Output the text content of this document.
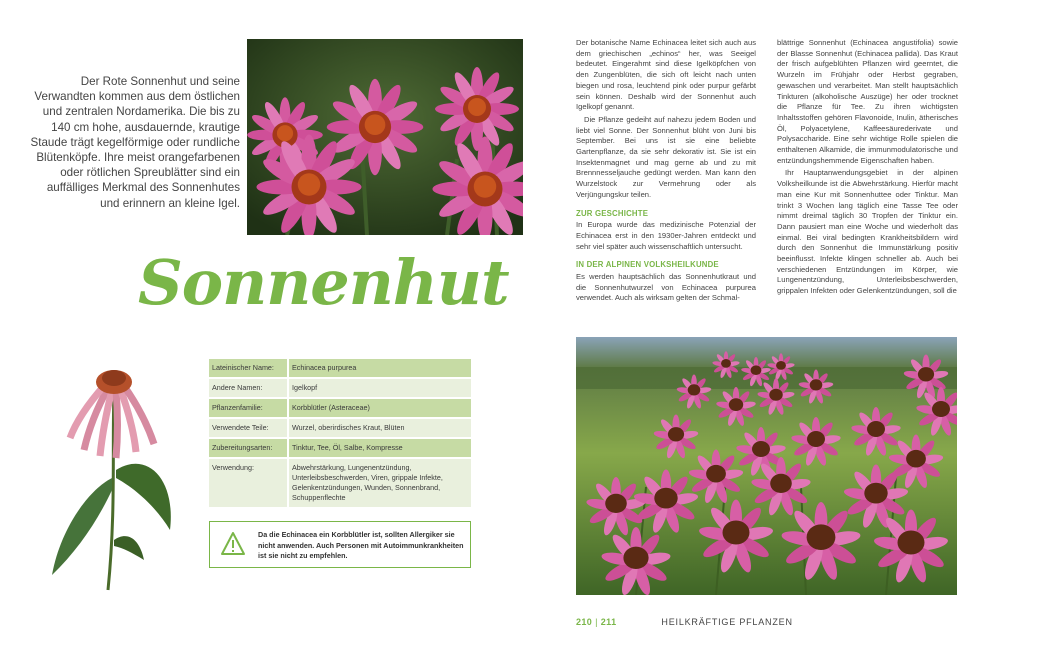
Der Rote Sonnenhut und seine Verwandten kommen aus dem östlichen und zentralen Nordamerika. Die bis zu 140 cm hohe, ausdauernde, krautige Staude trägt kegelförmige oder rundliche Blütenköpfe. Ihre meist orangefarbenen oder rötlichen Spreublätter sind ein auffälliges Merkmal des Sonnenhutes und erinnern an kleine Igel.
Sonnenhut
Lateinischer Name:	Echinacea purpurea
Andere Namen:	Igelkopf
Pflanzenfamilie:	Korbblütler (Asteraceae)
Verwendete Teile:	Wurzel, oberirdisches Kraut, Blüten
Zubereitungsarten:	Tinktur, Tee, Öl, Salbe, Kompresse
Verwendung:	Abwehrstärkung, Lungenentzündung, Unterleibsbeschwerden, Viren, grippale Infekte, Gelenkentzündungen, Wunden, Sonnenbrand, Schuppenflechte
Da die Echinacea ein Korbblütler ist, sollten Allergiker sie nicht anwenden. Auch Personen mit Autoimmunkrankheiten ist sie nicht zu empfehlen.

Der botanische Name Echinacea leitet sich auch aus dem griechischen „echinos“ her, was Seeigel bedeutet. Eingerahmt sind diese Igelköpfchen von den Zungenblüten, die sich oft leicht nach unten biegen und rosa, leuchtend pink oder purpur gefärbt sein können. Deshalb wird der Sonnenhut auch Igelkopf genannt.

Die Pflanze gedeiht auf nahezu jedem Boden und liebt viel Sonne. Der Sonnenhut blüht von Juni bis September. Bei uns ist sie eine beliebte Gartenpflanze, da sie sehr dekorativ ist. Sie ist ein Insektenmagnet und mag gerne ab und zu mit Brennnesseljauche gedüngt werden. Man kann den Wurzelstock zur Vermehrung oder als Verjüngungskur teilen.

ZUR GESCHICHTE

In Europa wurde das medizinische Potenzial der Echinacea erst in den 1930er-Jahren entdeckt und sehr viel später auch wissenschaftlich untersucht.

IN DER ALPINEN VOLKSHEILKUNDE

Es werden hauptsächlich das Sonnenhutkraut und die Sonnenhutwurzel von Echinacea purpurea verwendet. Auch als wirksam gelten der Schmal-

blättrige Sonnenhut (Echinacea angustifolia) sowie der Blasse Sonnenhut (Echinacea pallida). Das Kraut der frisch aufgeblühten Pflanzen wird geerntet, die Wurzeln im Frühjahr oder Herbst gegraben, gewaschen und verarbeitet. Man stellt hauptsächlich Tinkturen (alkoholische Auszüge) her oder trocknet die Pflanze für Tee. Zu ihren wichtigsten Inhaltsstoffen gehören Flavonoide, Inulin, ätherisches Öl, Polyacetylene, Kaffeesäurederivate und Polysaccharide. Eine sehr wichtige Rolle spielen die enthaltenen Alkamide, die immunmodulatorische und entzündungshemmende Eigenschaften haben.

Ihr Hauptanwendungsgebiet in der alpinen Volksheilkunde ist die Abwehrstärkung. Hierfür macht man eine Kur mit Sonnenhuttee oder Tinktur. Man trinkt 3 Wochen lang täglich eine Tasse Tee oder nimmt dreimal täglich 30 Tropfen der Tinktur ein. Dann pausiert man eine Woche und wiederholt das einmal. Bei viral bedingten Krankheitsbildern wird durch den Sonnenhut die Immunstärkung positiv beeinflusst. Infekte klingen schneller ab. Auch bei verschiedenen Entzündungen im Körper, wie Lungenentzündung, Unterleibsbeschwerden, grippalen Infekten oder Gelenkentzündungen, soll die

210 | 211	HEILKRÄFTIGE PFLANZEN
